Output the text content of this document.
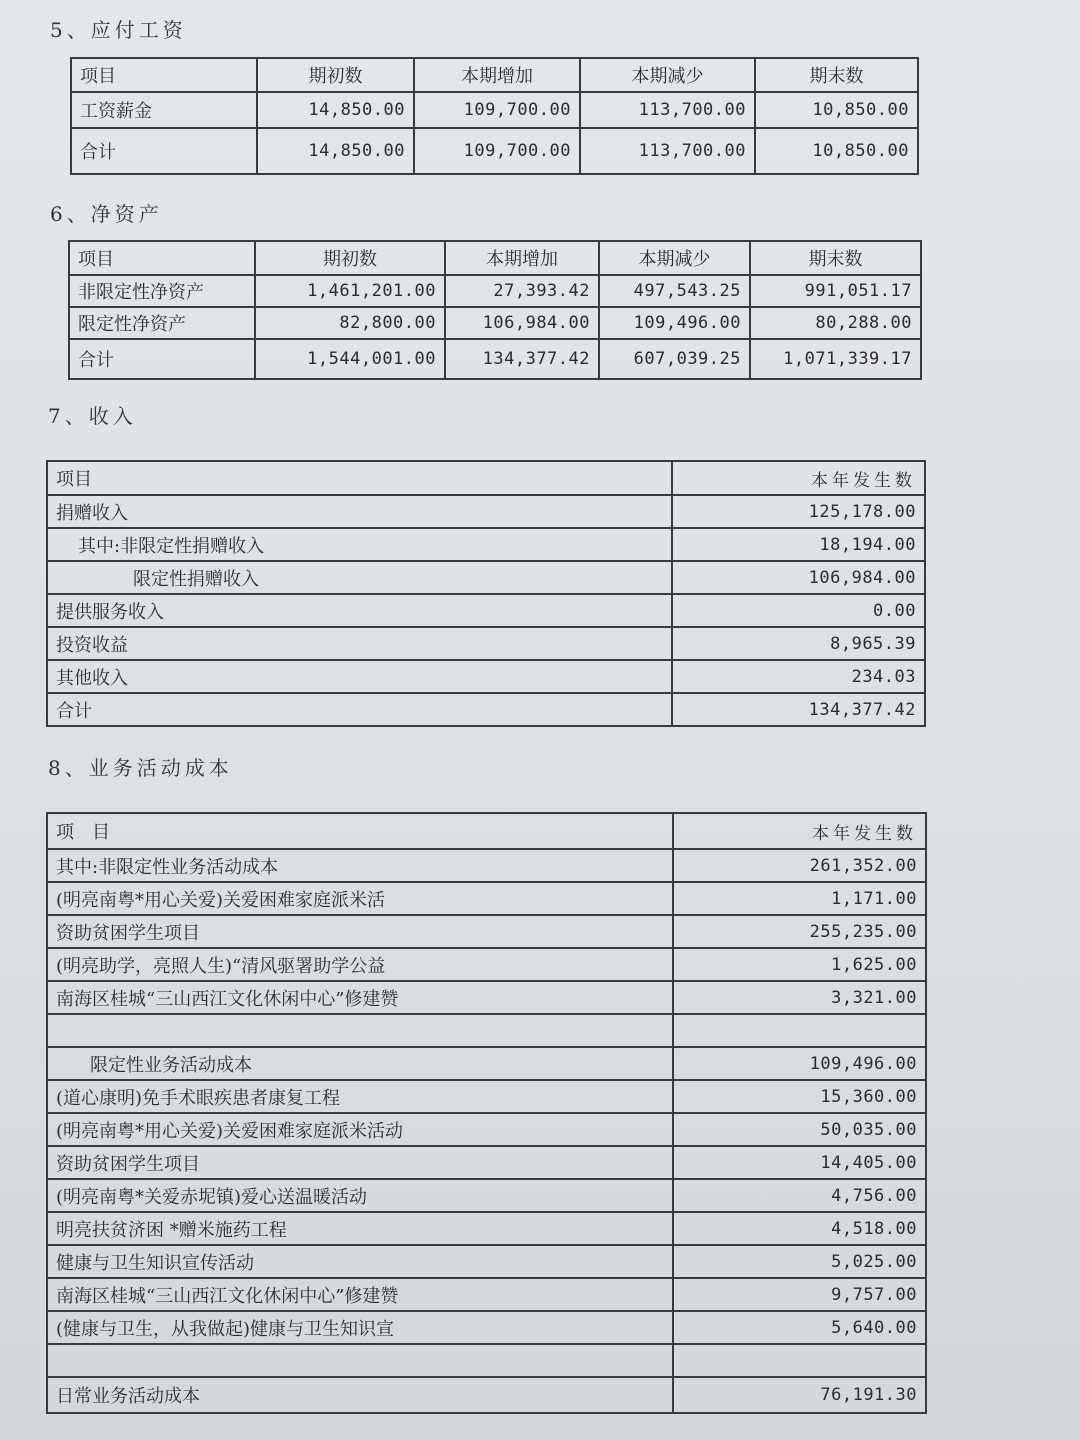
5、应付工资
项目	期初数	本期增加	本期减少	期末数
工资薪金	14,850.00	109,700.00	113,700.00	10,850.00
合计	14,850.00	109,700.00	113,700.00	10,850.00
6、净资产
项目	期初数	本期增加	本期减少	期末数
非限定性净资产	1,461,201.00	27,393.42	497,543.25	991,051.17
限定性净资产	82,800.00	106,984.00	109,496.00	80,288.00
合计	1,544,001.00	134,377.42	607,039.25	1,071,339.17
7、收入
项目	本年发生数
捐赠收入	125,178.00
其中:非限定性捐赠收入	18,194.00
限定性捐赠收入	106,984.00
提供服务收入	0.00
投资收益	8,965.39
其他收入	234.03
合计	134,377.42
8、业务活动成本
项　目	本年发生数
其中:非限定性业务活动成本	261,352.00
(明亮南粤*用心关爱)关爱困难家庭派米活	1,171.00
资助贫困学生项目	255,235.00
(明亮助学，亮照人生)“清风驱署助学公益	1,625.00
南海区桂城“三山西江文化休闲中心”修建赞	3,321.00

限定性业务活动成本	109,496.00
(道心康明)免手术眼疾患者康复工程	15,360.00
(明亮南粤*用心关爱)关爱困难家庭派米活动	50,035.00
资助贫困学生项目	14,405.00
(明亮南粤*关爱赤坭镇)爱心送温暖活动	4,756.00
明亮扶贫济困 *赠米施药工程	4,518.00
健康与卫生知识宣传活动	5,025.00
南海区桂城“三山西江文化休闲中心”修建赞	9,757.00
(健康与卫生，从我做起)健康与卫生知识宣	5,640.00

日常业务活动成本	76,191.30
